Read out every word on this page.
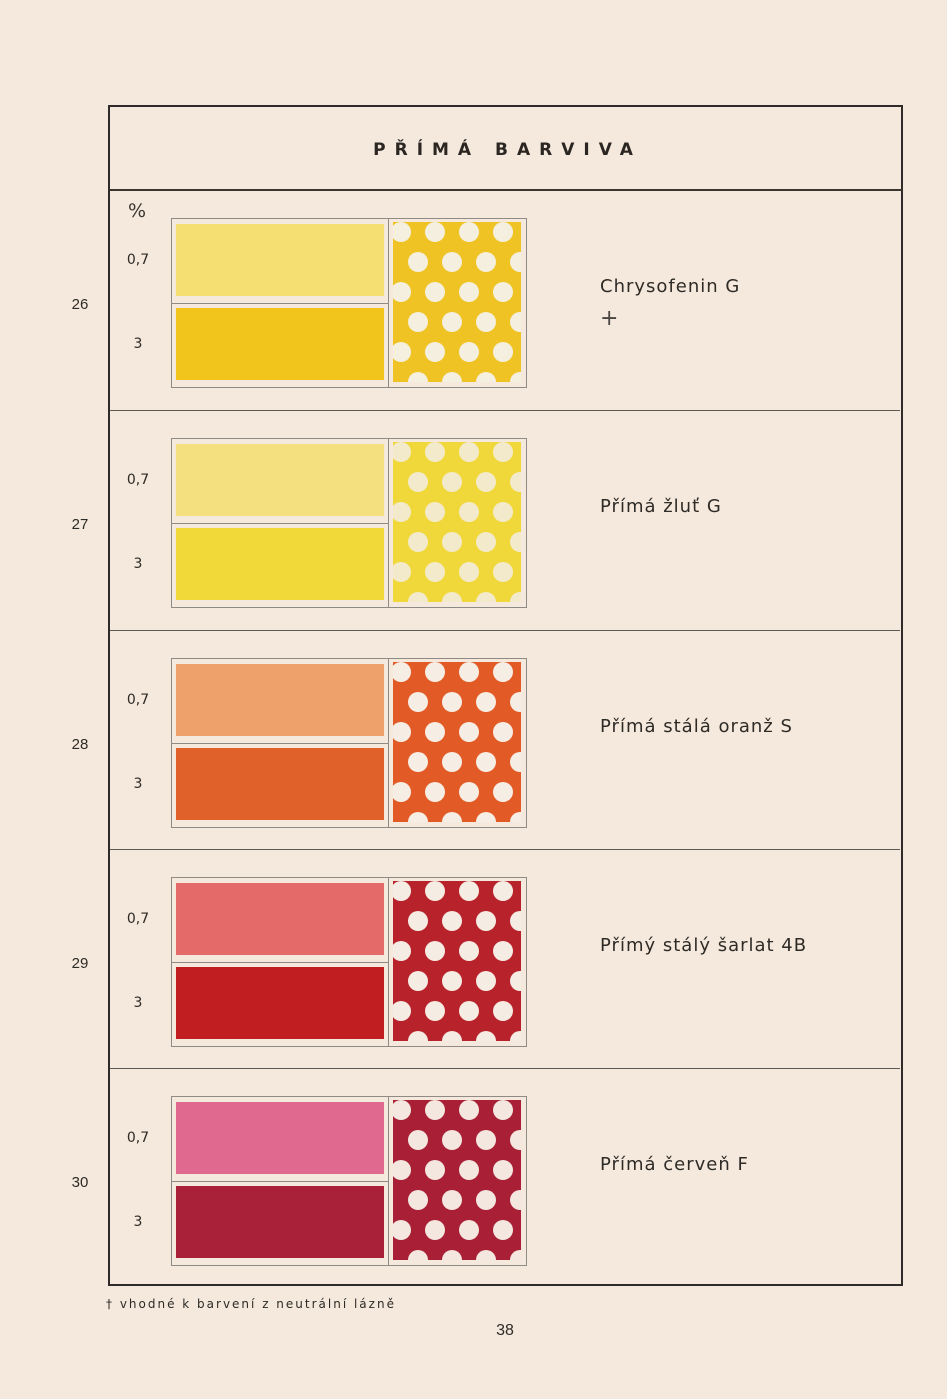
PŘÍMÁ BARVIVA
%
26
0,7
3
Chrysofenin G
+
27
0,7
3
Přímá žluť G
28
0,7
3
Přímá stálá oranž S
29
0,7
3
Přímý stálý šarlat 4B
30
0,7
3
Přímá červeň F
† vhodné k barvení z neutrální lázně
38
